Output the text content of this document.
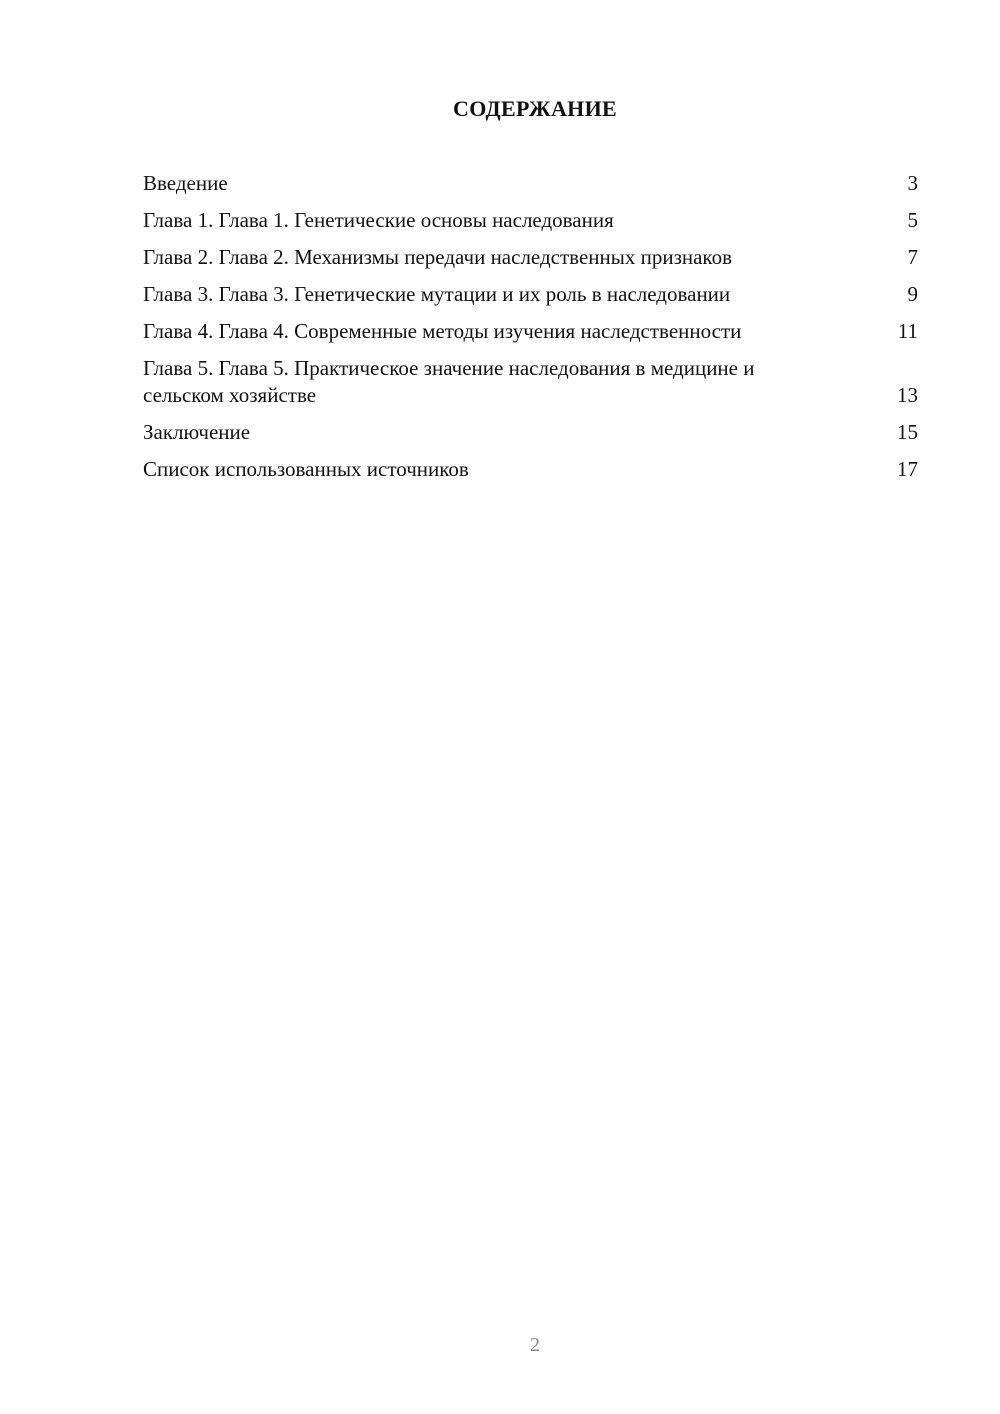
СОДЕРЖАНИЕ
Введение	3
Глава 1. Глава 1. Генетические основы наследования	5
Глава 2. Глава 2. Механизмы передачи наследственных признаков	7
Глава 3. Глава 3. Генетические мутации и их роль в наследовании	9
Глава 4. Глава 4. Современные методы изучения наследственности	11
Глава 5. Глава 5. Практическое значение наследования в медицине и сельском хозяйстве	13
Заключение	15
Список использованных источников	17
2
